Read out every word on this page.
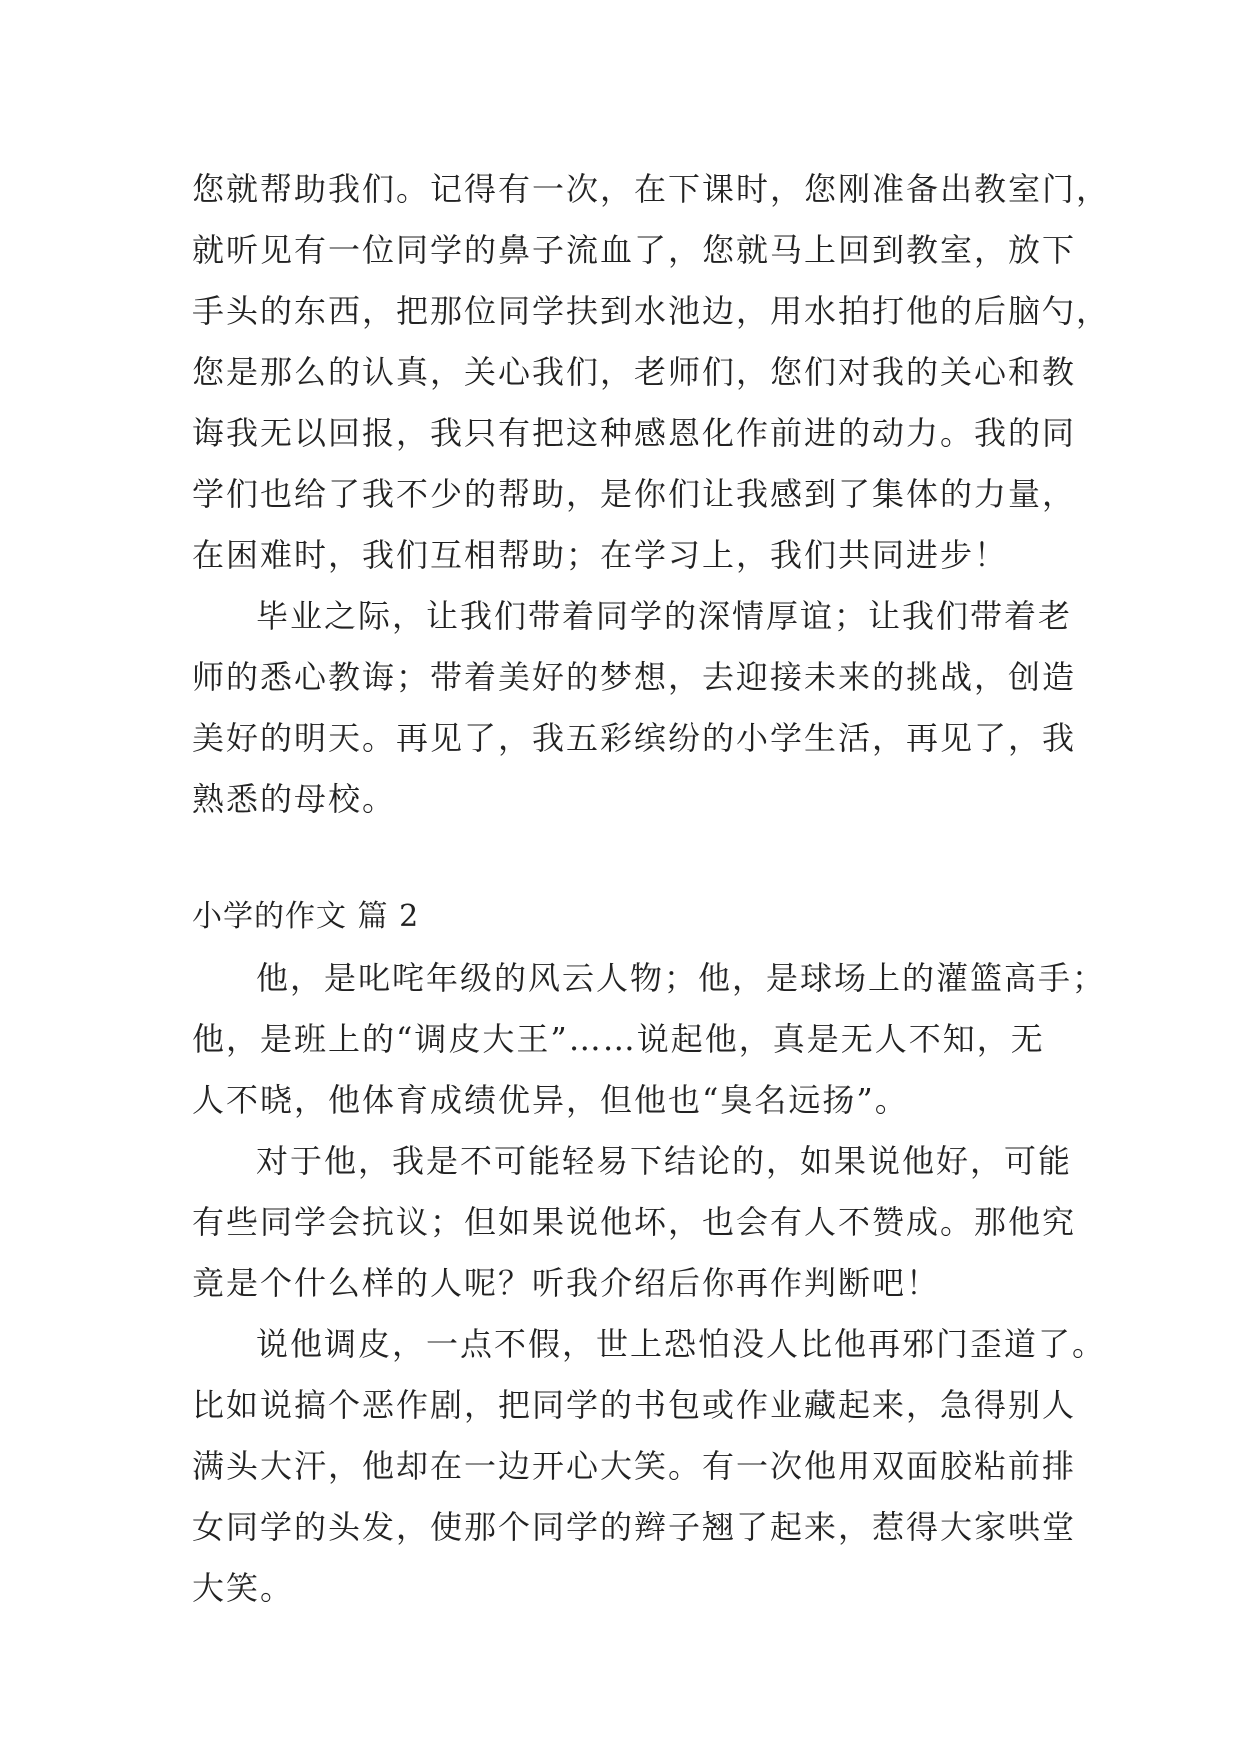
您就帮助我们。记得有一次，在下课时，您刚准备出教室门，
就听见有一位同学的鼻子流血了，您就马上回到教室，放下
手头的东西，把那位同学扶到水池边，用水拍打他的后脑勺，
您是那么的认真，关心我们，老师们，您们对我的关心和教
诲我无以回报，我只有把这种感恩化作前进的动力。我的同
学们也给了我不少的帮助，是你们让我感到了集体的力量，
在困难时，我们互相帮助；在学习上，我们共同进步！
毕业之际，让我们带着同学的深情厚谊；让我们带着老
师的悉心教诲；带着美好的梦想，去迎接未来的挑战，创造
美好的明天。再见了，我五彩缤纷的小学生活，再见了，我
熟悉的母校。
小学的作文 篇 2
他，是叱咤年级的风云人物；他，是球场上的灌篮高手；
他，是班上的“调皮大王”……说起他，真是无人不知，无
人不晓，他体育成绩优异，但他也“臭名远扬”。
对于他，我是不可能轻易下结论的，如果说他好，可能
有些同学会抗议；但如果说他坏，也会有人不赞成。那他究
竟是个什么样的人呢？听我介绍后你再作判断吧！
说他调皮，一点不假，世上恐怕没人比他再邪门歪道了。
比如说搞个恶作剧，把同学的书包或作业藏起来，急得别人
满头大汗，他却在一边开心大笑。有一次他用双面胶粘前排
女同学的头发，使那个同学的辫子翘了起来，惹得大家哄堂
大笑。
